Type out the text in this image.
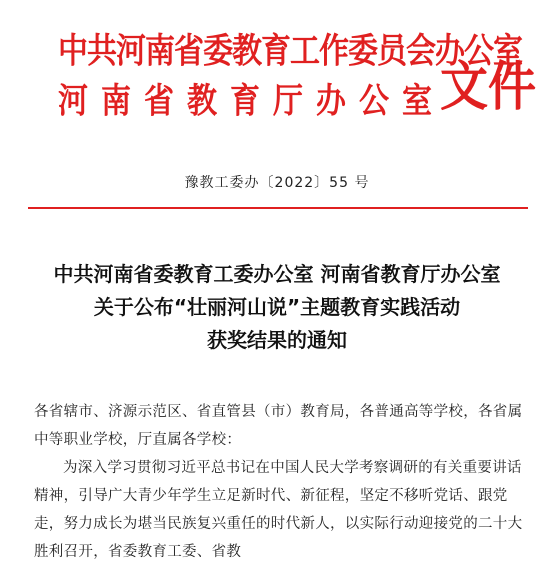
中共河南省委教育工作委员会办公室
河南省教育厅办公室
文件
豫教工委办〔2022〕55 号
中共河南省委教育工委办公室 河南省教育厅办公室
关于公布“壮丽河山说”主题教育实践活动
获奖结果的通知

各省辖市、济源示范区、省直管县（市）教育局，各普通高等学校，各省属中等职业学校，厅直属各学校：

为深入学习贯彻习近平总书记在中国人民大学考察调研的有关重要讲话精神，引导广大青少年学生立足新时代、新征程，坚定不移听党话、跟党走，努力成长为堪当民族复兴重任的时代新人，以实际行动迎接党的二十大胜利召开，省委教育工委、省教
